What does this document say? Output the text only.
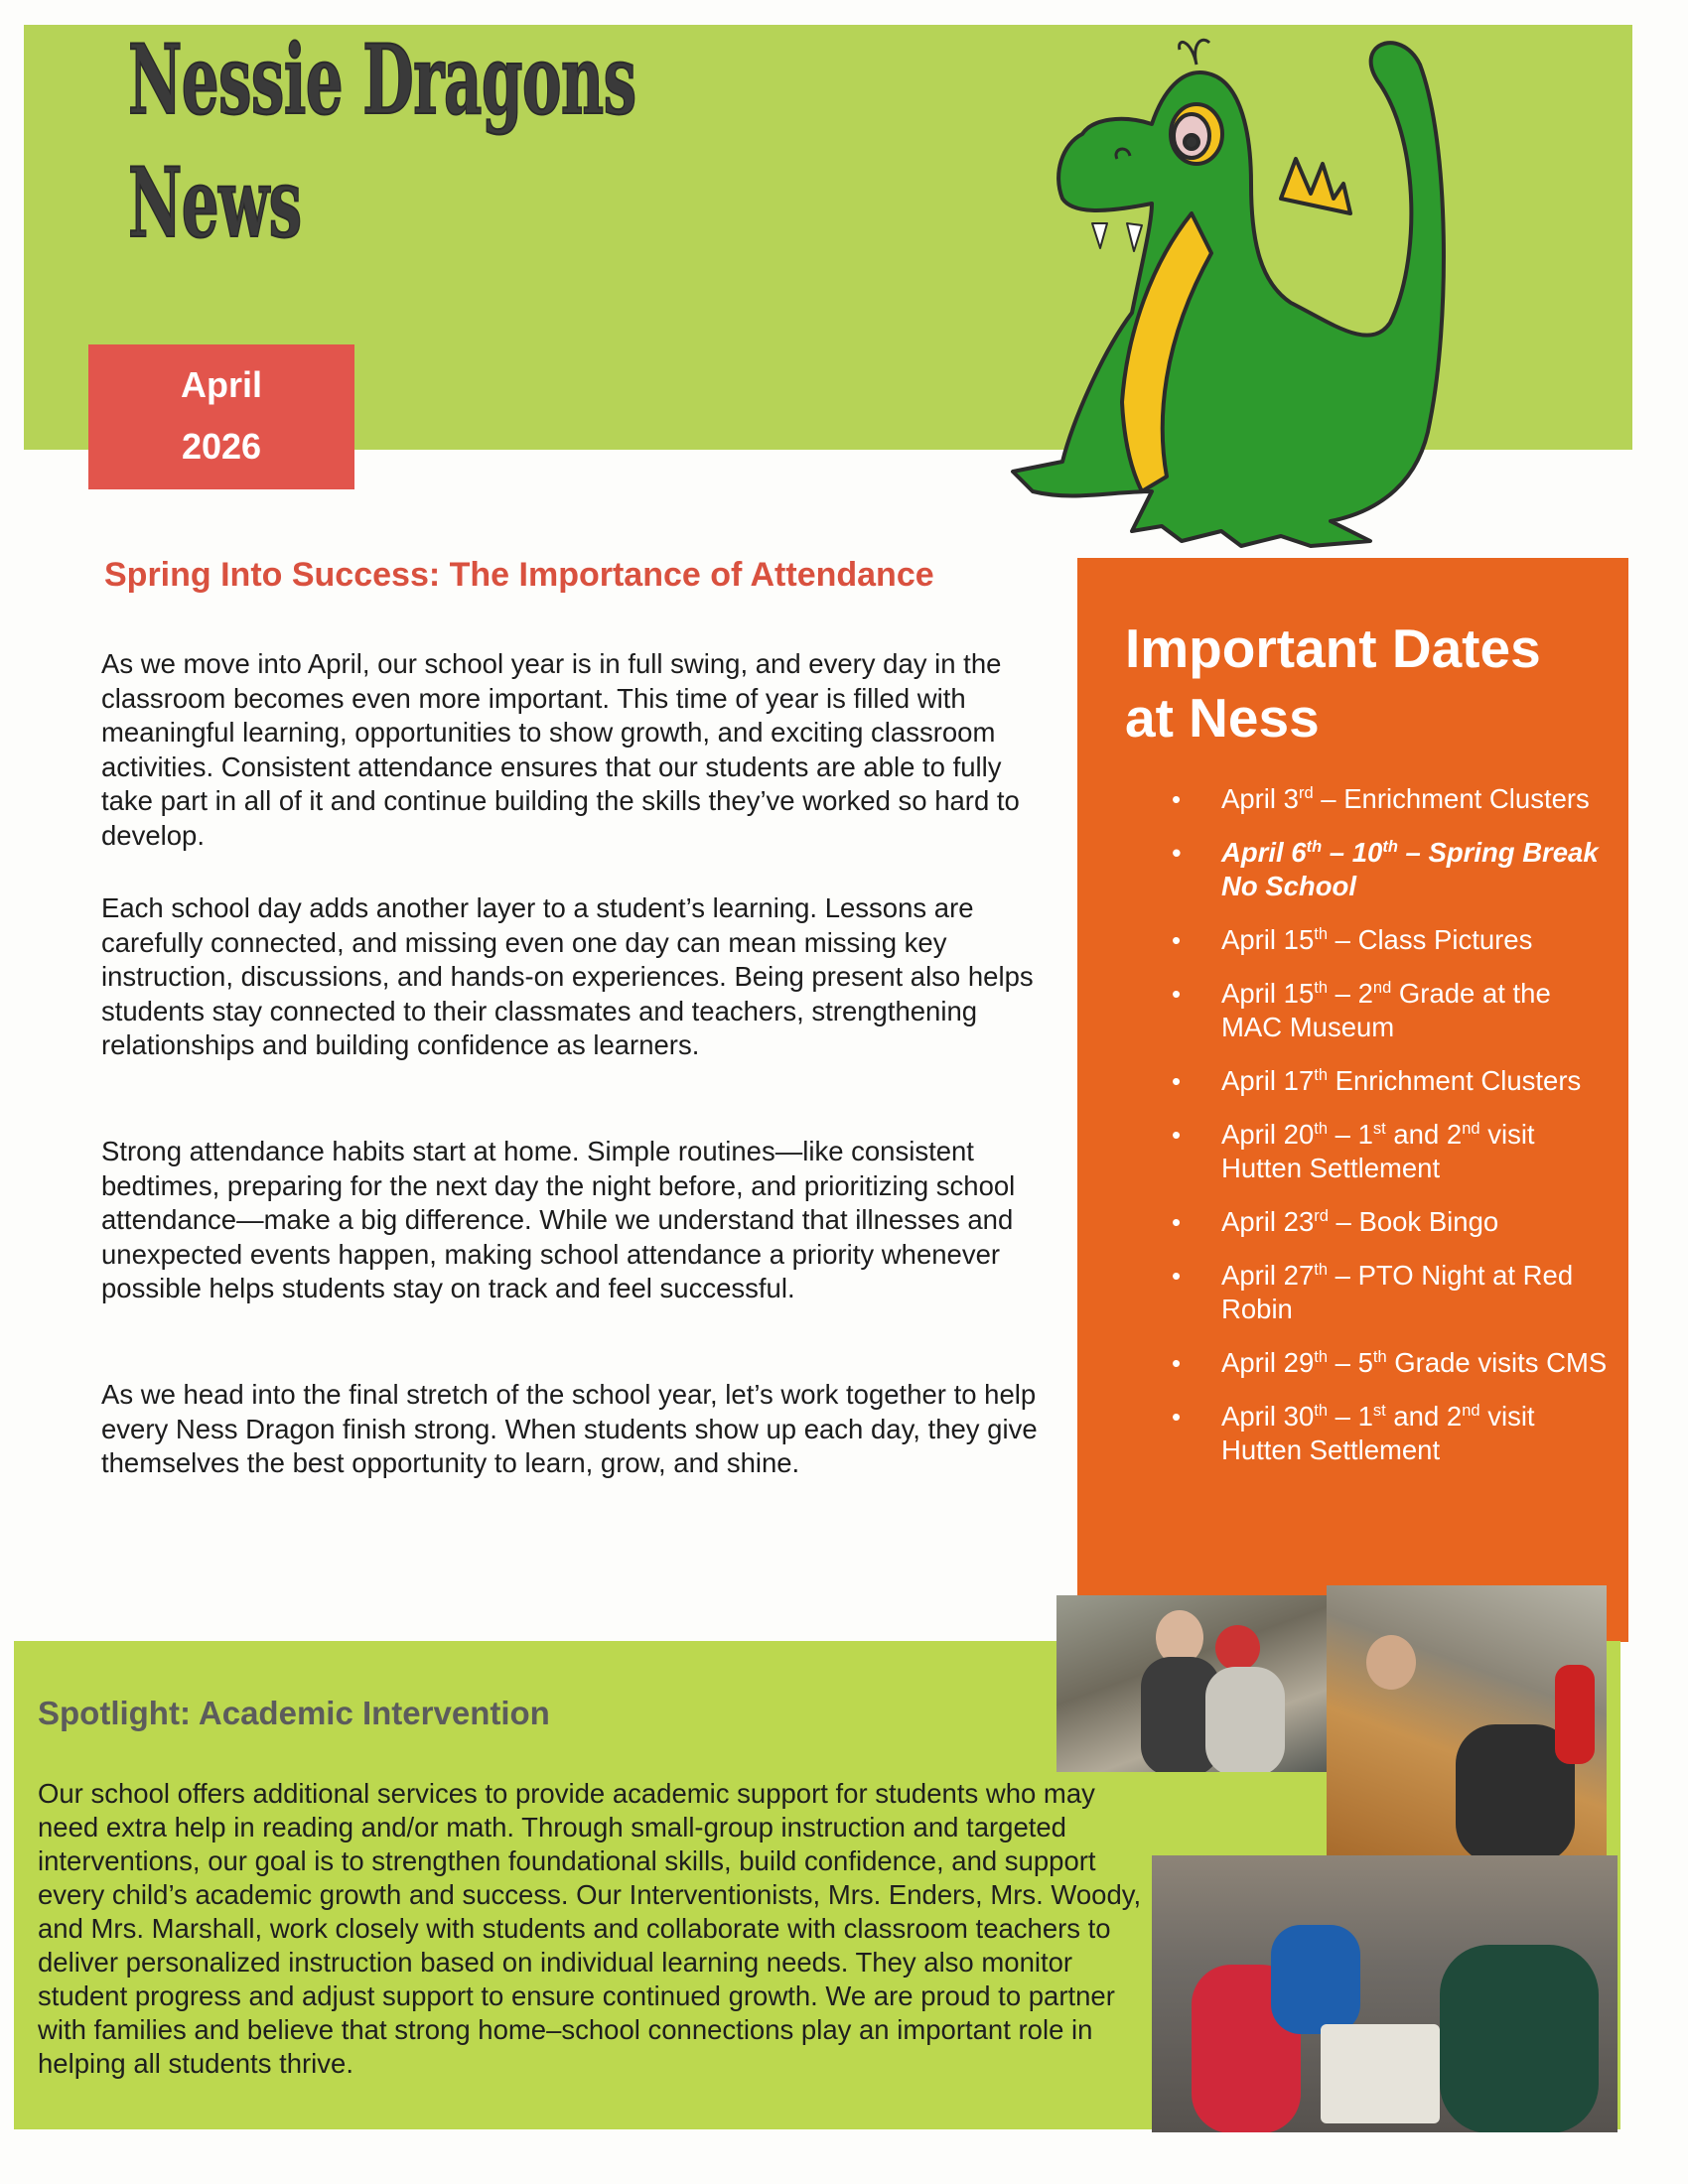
Nessie Dragons
News
April
2026
Spring Into Success: The Importance of Attendance

As we move into April, our school year is in full swing, and every day in the classroom becomes even more important. This time of year is filled with meaningful learning, opportunities to show growth, and exciting classroom activities. Consistent attendance ensures that our students are able to fully take part in all of it and continue building the skills they’ve worked so hard to develop.

Each school day adds another layer to a student’s learning. Lessons are carefully connected, and missing even one day can mean missing key instruction, discussions, and hands-on experiences. Being present also helps students stay connected to their classmates and teachers, strengthening relationships and building confidence as learners.

Strong attendance habits start at home. Simple routines—like consistent bedtimes, preparing for the next day the night before, and prioritizing school attendance—make a big difference. While we understand that illnesses and unexpected events happen, making school attendance a priority whenever possible helps students stay on track and feel successful.

As we head into the final stretch of the school year, let’s work together to help every Ness Dragon finish strong. When students show up each day, they give themselves the best opportunity to learn, grow, and shine.

Important Dates at Ness
• April 3rd – Enrichment Clusters
• April 6th – 10th – Spring Break No School
• April 15th – Class Pictures
• April 15th – 2nd Grade at the MAC Museum
• April 17th Enrichment Clusters
• April 20th – 1st and 2nd visit Hutten Settlement
• April 23rd – Book Bingo
• April 27th – PTO Night at Red Robin
• April 29th – 5th Grade visits CMS
• April 30th – 1st and 2nd visit Hutten Settlement
Spotlight: Academic Intervention

Our school offers additional services to provide academic support for students who may need extra help in reading and/or math. Through small-group instruction and targeted interventions, our goal is to strengthen foundational skills, build confidence, and support every child’s academic growth and success. Our Interventionists, Mrs. Enders, Mrs. Woody, and Mrs. Marshall, work closely with students and collaborate with classroom teachers to deliver personalized instruction based on individual learning needs. They also monitor student progress and adjust support to ensure continued growth. We are proud to partner with families and believe that strong home–school connections play an important role in helping all students thrive.
